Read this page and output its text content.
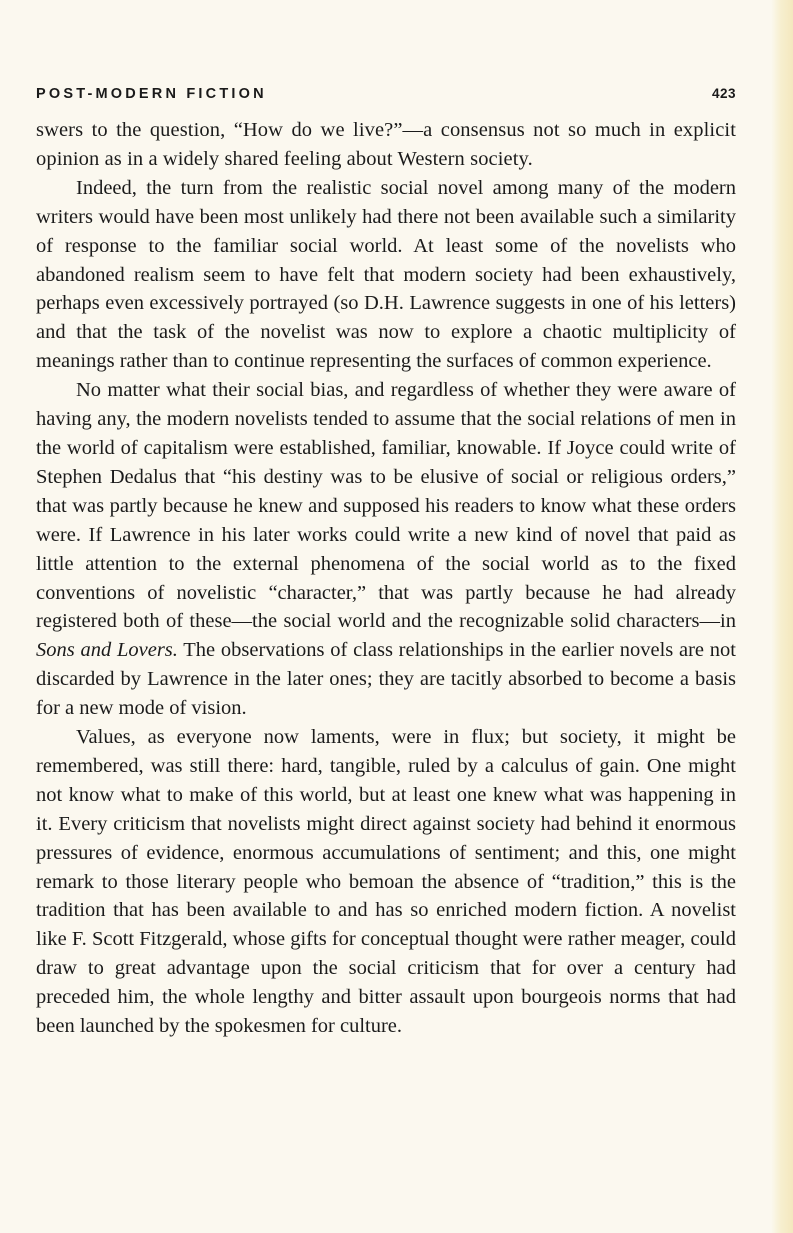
POST-MODERN FICTION	423

swers to the question, “How do we live?”—a consensus not so much in explicit opinion as in a widely shared feeling about Western society.

Indeed, the turn from the realistic social novel among many of the modern writers would have been most unlikely had there not been available such a similarity of response to the familiar social world. At least some of the novelists who abandoned realism seem to have felt that modern society had been exhaustively, perhaps even excessively portrayed (so D.H. Lawrence suggests in one of his letters) and that the task of the novelist was now to explore a chaotic multiplicity of meanings rather than to continue representing the surfaces of common experience.

No matter what their social bias, and regardless of whether they were aware of having any, the modern novelists tended to assume that the social relations of men in the world of capitalism were established, familiar, knowable. If Joyce could write of Stephen Dedalus that “his destiny was to be elusive of social or religious orders,” that was partly because he knew and supposed his readers to know what these orders were. If Lawrence in his later works could write a new kind of novel that paid as little attention to the external phenomena of the social world as to the fixed conventions of novelistic “character,” that was partly because he had already registered both of these—the social world and the recognizable solid characters—in Sons and Lovers. The observations of class relationships in the earlier novels are not discarded by Lawrence in the later ones; they are tacitly absorbed to become a basis for a new mode of vision.

Values, as everyone now laments, were in flux; but society, it might be remembered, was still there: hard, tangible, ruled by a calculus of gain. One might not know what to make of this world, but at least one knew what was happening in it. Every criticism that novelists might direct against society had behind it enormous pressures of evidence, enormous accumulations of sentiment; and this, one might remark to those literary people who bemoan the absence of “tradition,” this is the tradition that has been available to and has so enriched modern fiction. A novelist like F. Scott Fitzgerald, whose gifts for conceptual thought were rather meager, could draw to great advantage upon the social criticism that for over a century had preceded him, the whole lengthy and bitter assault upon bourgeois norms that had been launched by the spokesmen for culture.
